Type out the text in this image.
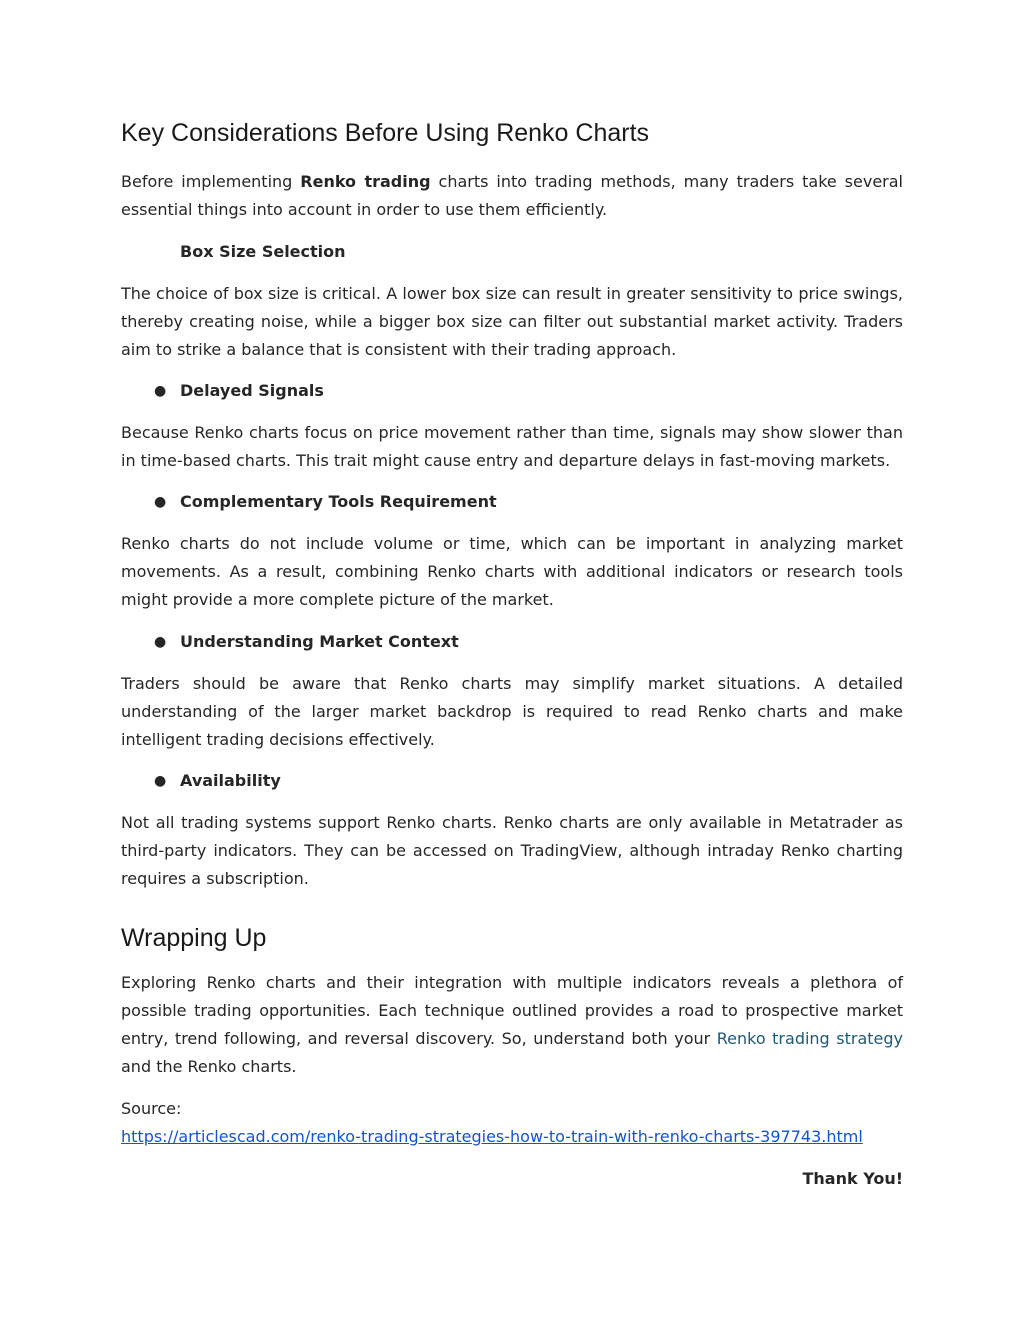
Key Considerations Before Using Renko Charts

Before implementing Renko trading charts into trading methods, many traders take several essential things into account in order to use them efficiently.

Box Size Selection

The choice of box size is critical. A lower box size can result in greater sensitivity to price swings, thereby creating noise, while a bigger box size can filter out substantial market activity. Traders aim to strike a balance that is consistent with their trading approach.

● Delayed Signals

Because Renko charts focus on price movement rather than time, signals may show slower than in time-based charts. This trait might cause entry and departure delays in fast-moving markets.

● Complementary Tools Requirement

Renko charts do not include volume or time, which can be important in analyzing market movements. As a result, combining Renko charts with additional indicators or research tools might provide a more complete picture of the market.

● Understanding Market Context

Traders should be aware that Renko charts may simplify market situations. A detailed understanding of the larger market backdrop is required to read Renko charts and make intelligent trading decisions effectively.

● Availability

Not all trading systems support Renko charts. Renko charts are only available in Metatrader as third-party indicators. They can be accessed on TradingView, although intraday Renko charting requires a subscription.

Wrapping Up

Exploring Renko charts and their integration with multiple indicators reveals a plethora of possible trading opportunities. Each technique outlined provides a road to prospective market entry, trend following, and reversal discovery. So, understand both your Renko trading strategy and the Renko charts.

Source:
https://articlescad.com/renko-trading-strategies-how-to-train-with-renko-charts-397743.html

Thank You!
